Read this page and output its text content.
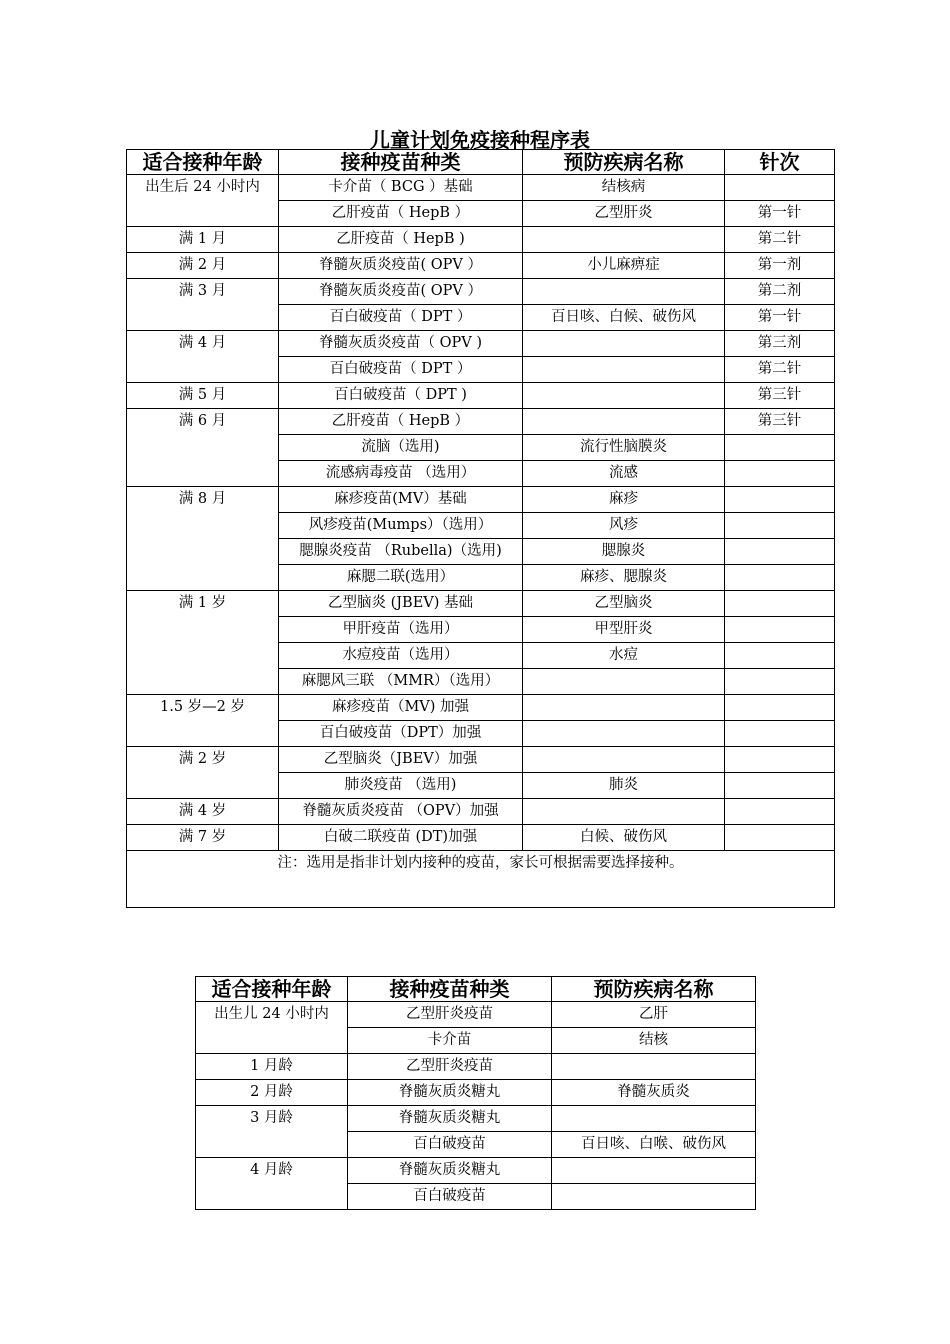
儿童计划免疫接种程序表
适合接种年龄	接种疫苗种类	预防疾病名称	针次
出生后 24 小时内	卡介苗（ BCG ）基础	结核病	
	乙肝疫苗（ HepB ）	乙型肝炎	第一针
满 1 月	乙肝疫苗（ HepB )		第二针
满 2 月	脊髓灰质炎疫苗( OPV ）	小儿麻痹症	第一剂
满 3 月	脊髓灰质炎疫苗( OPV ）		第二剂
	百白破疫苗（ DPT ）	百日咳、白候、破伤风	第一针
满 4 月	脊髓灰质炎疫苗（ OPV )		第三剂
	百白破疫苗（ DPT ）		第二针
满 5 月	百白破疫苗（ DPT )		第三针
满 6 月	乙肝疫苗（ HepB ）		第三针
	流脑（选用)	流行性脑膜炎	
	流感病毒疫苗 （选用）	流感	
满 8 月	麻疹疫苗(MV）基础	麻疹	
	风疹疫苗(Mumps）（选用）	风疹	
	腮腺炎疫苗 （Rubella)（选用)	腮腺炎	
	麻腮二联(选用）	麻疹、腮腺炎	
满 1 岁	乙型脑炎 (JBEV) 基础	乙型脑炎	
	甲肝疫苗（选用）	甲型肝炎	
	水痘疫苗（选用）	水痘	
	麻腮风三联 （MMR）（选用）		
1.5 岁—2 岁	麻疹疫苗（MV) 加强		
	百白破疫苗（DPT）加强		
满 2 岁	乙型脑炎（JBEV）加强		
	肺炎疫苗 （选用)	肺炎	
满 4 岁	脊髓灰质炎疫苗 （OPV）加强		
满 7 岁	白破二联疫苗 (DT)加强	白候、破伤风	
注：选用是指非计划内接种的疫苗，家长可根据需要选择接种。			
适合接种年龄	接种疫苗种类	预防疾病名称
出生儿 24 小时内	乙型肝炎疫苗	乙肝
	卡介苗	结核
1 月龄	乙型肝炎疫苗	
2 月龄	脊髓灰质炎糖丸	脊髓灰质炎
3 月龄	脊髓灰质炎糖丸	
	百白破疫苗	百日咳、白喉、破伤风
4 月龄	脊髓灰质炎糖丸	
	百白破疫苗	
